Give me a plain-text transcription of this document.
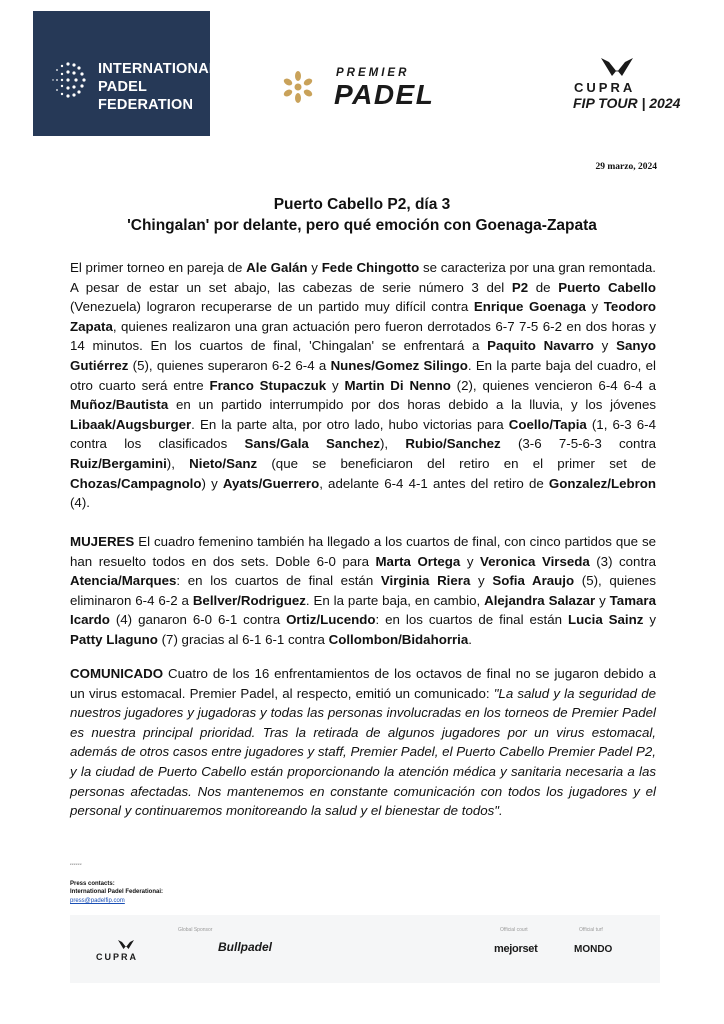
INTERNATIONAL
PADEL
FEDERATION
PREMIER
PADEL	CUPRA
FIP TOUR | 2024
29 marzo, 2024
Puerto Cabello P2, día 3
'Chingalan' por delante, pero qué emoción con Goenaga-Zapata
El primer torneo en pareja de Ale Galán y Fede Chingotto se caracteriza por una gran remontada. A pesar de estar un set abajo, las cabezas de serie número 3 del P2 de Puerto Cabello (Venezuela) lograron recuperarse de un partido muy difícil contra Enrique Goenaga y Teodoro Zapata, quienes realizaron una gran actuación pero fueron derrotados 6-7 7-5 6-2 en dos horas y 14 minutos. En los cuartos de final, 'Chingalan' se enfrentará a Paquito Navarro y Sanyo Gutiérrez (5), quienes superaron 6-2 6-4 a Nunes/Gomez Silingo. En la parte baja del cuadro, el otro cuarto será entre Franco Stupaczuk y Martin Di Nenno (2), quienes vencieron 6-4 6-4 a Muñoz/Bautista en un partido interrumpido por dos horas debido a la lluvia, y los jóvenes Libaak/Augsburger. En la parte alta, por otro lado, hubo victorias para Coello/Tapia (1, 6-3 6-4 contra los clasificados Sans/Gala Sanchez), Rubio/Sanchez (3-6 7-5-6-3 contra Ruiz/Bergamini), Nieto/Sanz (que se beneficiaron del retiro en el primer set de Chozas/Campagnolo) y Ayats/Guerrero, adelante 6-4 4-1 antes del retiro de Gonzalez/Lebron (4).
MUJERES El cuadro femenino también ha llegado a los cuartos de final, con cinco partidos que se han resuelto todos en dos sets. Doble 6-0 para Marta Ortega y Veronica Virseda (3) contra Atencia/Marques: en los cuartos de final están Virginia Riera y Sofia Araujo (5), quienes eliminaron 6-4 6-2 a Bellver/Rodriguez. En la parte baja, en cambio, Alejandra Salazar y Tamara Icardo (4) ganaron 6-0 6-1 contra Ortiz/Lucendo: en los cuartos de final están Lucia Sainz y Patty Llaguno (7) gracias al 6-1 6-1 contra Collombon/Bidahorria.
COMUNICADO Cuatro de los 16 enfrentamientos de los octavos de final no se jugaron debido a un virus estomacal. Premier Padel, al respecto, emitió un comunicado: "La salud y la seguridad de nuestros jugadores y jugadoras y todas las personas involucradas en los torneos de Premier Padel es nuestra principal prioridad. Tras la retirada de algunos jugadores por un virus estomacal, además de otros casos entre jugadores y staff, Premier Padel, el Puerto Cabello Premier Padel P2, y la ciudad de Puerto Cabello están proporcionando la atención médica y sanitaria necesaria a las personas afectadas. Nos mantenemos en constante comunicación con todos los jugadores y el personal y continuaremos monitoreando la salud y el bienestar de todos".
xxxxxx
Press contacts:
International Padel Federationai:
press@padelfip.com
Global Sponsor	Official court	Official turf
CUPRA
Bullpadel	mejorset	MONDO
